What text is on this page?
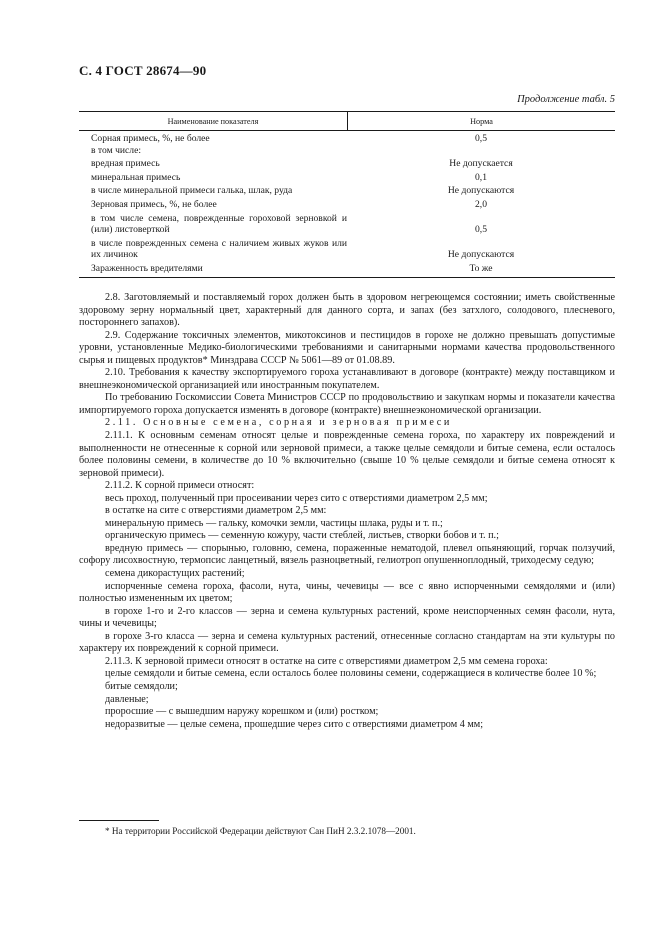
С. 4 ГОСТ 28674—90
Продолжение табл. 5
Наименование показателя	Норма
Сорная примесь, %, не более	0,5
в том числе:
вредная примесь	Не допускается
минеральная примесь	0,1
в числе минеральной примеси галька, шлак, руда	Не допускаются
Зерновая примесь, %, не более	2,0
в том числе семена, поврежденные гороховой зерновкой и (или) листоверткой	0,5
в числе поврежденных семена с наличием живых жуков или их личинок	Не допускаются
Зараженность вредителями	То же

2.8. Заготовляемый и поставляемый горох должен быть в здоровом негреющемся состоянии; иметь свойственные здоровому зерну нормальный цвет, характерный для данного сорта, и запах (без затхлого, солодового, плесневого, постороннего запахов).

2.9. Содержание токсичных элементов, микотоксинов и пестицидов в горохе не должно превышать допустимые уровни, установленные Медико-биологическими требованиями и санитарными нормами качества продовольственного сырья и пищевых продуктов* Минздрава СССР № 5061—89 от 01.08.89.

2.10. Требования к качеству экспортируемого гороха устанавливают в договоре (контракте) между поставщиком и внешнеэкономической организацией или иностранным покупателем.

По требованию Госкомиссии Совета Министров СССР по продовольствию и закупкам нормы и показатели качества импортируемого гороха допускается изменять в договоре (контракте) внешнеэкономической организации.

2.11. Основные семена, сорная и зерновая примеси

2.11.1. К основным семенам относят целые и поврежденные семена гороха, по характеру их повреждений и выполненности не отнесенные к сорной или зерновой примеси, а также целые семядоли и битые семена, если осталось более половины семени, в количестве до 10 % включительно (свыше 10 % целые семядоли и битые семена относят к зерновой примеси).

2.11.2. К сорной примеси относят:

весь проход, полученный при просеивании через сито с отверстиями диаметром 2,5 мм;

в остатке на сите с отверстиями диаметром 2,5 мм:

минеральную примесь — гальку, комочки земли, частицы шлака, руды и т. п.;

органическую примесь — семенную кожуру, части стеблей, листьев, створки бобов и т. п.;

вредную примесь — спорынью, головню, семена, пораженные нематодой, плевел опьяняющий, горчак ползучий, софору лисохвостную, термопсис ланцетный, вязель разноцветный, гелиотроп опушенноплодный, триходесму седую;

семена дикорастущих растений;

испорченные семена гороха, фасоли, нута, чины, чечевицы — все с явно испорченными семядолями и (или) полностью измененным их цветом;

в горохе 1-го и 2-го классов — зерна и семена культурных растений, кроме неиспорченных семян фасоли, нута, чины и чечевицы;

в горохе 3-го класса — зерна и семена культурных растений, отнесенные согласно стандартам на эти культуры по характеру их повреждений к сорной примеси.

2.11.3. К зерновой примеси относят в остатке на сите с отверстиями диаметром 2,5 мм семена гороха:

целые семядоли и битые семена, если осталось более половины семени, содержащиеся в количестве более 10 %;

битые семядоли;

давленые;

проросшие — с вышедшим наружу корешком и (или) ростком;

недоразвитые — целые семена, прошедшие через сито с отверстиями диаметром 4 мм;

* На территории Российской Федерации действуют Сан ПиН 2.3.2.1078—2001.
